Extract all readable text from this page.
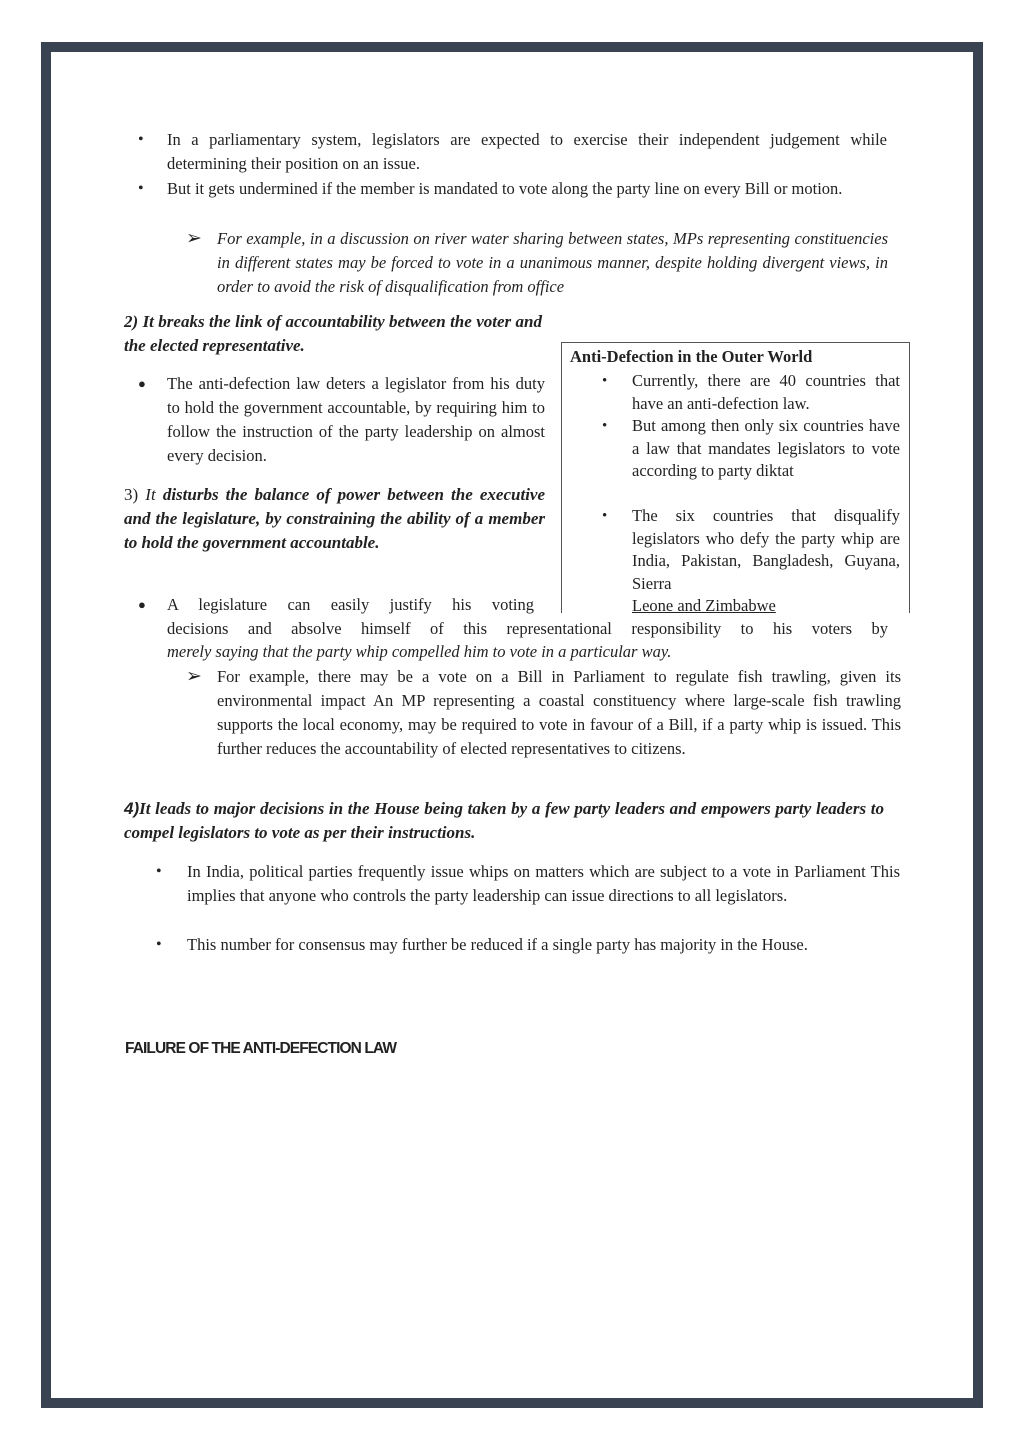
• In a parliamentary system, legislators are expected to exercise their independent judgement while determining their position on an issue.
• But it gets undermined if the member is mandated to vote along the party line on every Bill or motion.
➢ For example, in a discussion on river water sharing between states, MPs representing constituencies in different states may be forced to vote in a unanimous manner, despite holding divergent views, in order to avoid the risk of disqualification from office
2) It breaks the link of accountability between the voter and the elected representative.
● The anti-defection law deters a legislator from his duty to hold the government accountable, by requiring him to follow the instruction of the party leadership on almost every decision.
3) It disturbs the balance of power between the executive and the legislature, by constraining the ability of a member to hold the government accountable.
● A legislature can easily justify his voting
decisions and absolve himself of this representational responsibility to his voters by
merely saying that the party whip compelled him to vote in a particular way.
➢ For example, there may be a vote on a Bill in Parliament to regulate fish trawling, given its environmental impact An MP representing a coastal constituency where large-scale fish trawling supports the local economy, may be required to vote in favour of a Bill, if a party whip is issued. This further reduces the accountability of elected representatives to citizens.
4)It leads to major decisions in the House being taken by a few party leaders and empowers party leaders to compel legislators to vote as per their instructions.
• In India, political parties frequently issue whips on matters which are subject to a vote in Parliament This implies that anyone who controls the party leadership can issue directions to all legislators.
• This number for consensus may further be reduced if a single party has majority in the House.
Anti-Defection in the Outer World
• Currently, there are 40 countries that have an anti-defection law.
• But among then only six countries have a law that mandates legislators to vote according to party diktat
• The six countries that disqualify legislators who defy the party whip are India, Pakistan, Bangladesh, Guyana, Sierra
Leone and Zimbabwe
FAILURE OF THE ANTI-DEFECTION LAW
